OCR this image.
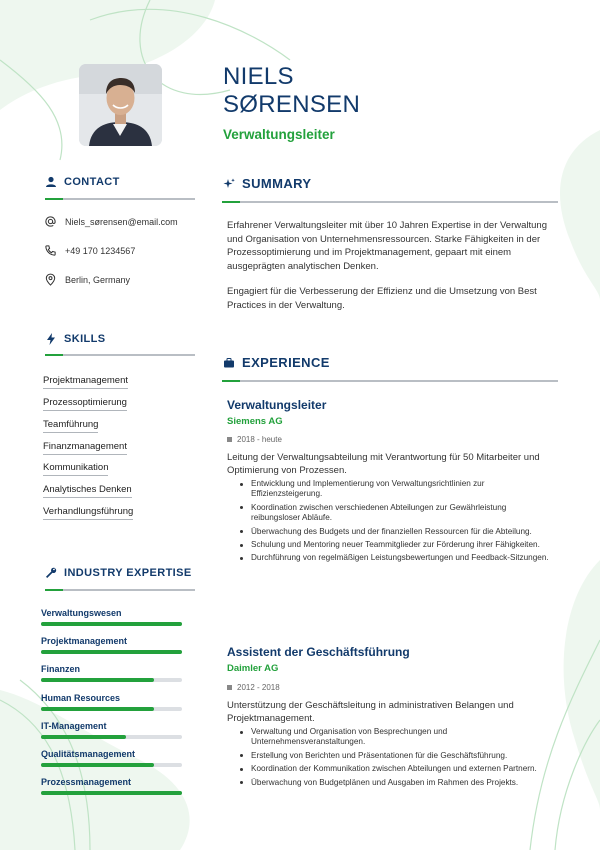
NIELS
SØRENSEN
Verwaltungsleiter
CONTACT
Niels_sørensen@email.com
+49 170 1234567
Berlin, Germany
SKILLS
Projektmanagement
Prozessoptimierung
Teamführung
Finanzmanagement
Kommunikation
Analytisches Denken
Verhandlungsführung
INDUSTRY EXPERTISE
Verwaltungswesen
Projektmanagement
Finanzen
Human Resources
IT-Management
Qualitätsmanagement
Prozessmanagement
SUMMARY
Erfahrener Verwaltungsleiter mit über 10 Jahren Expertise in der Verwaltung und Organisation von Unternehmensressourcen. Starke Fähigkeiten in der Prozessoptimierung und im Projektmanagement, gepaart mit einem ausgeprägten analytischen Denken.
Engagiert für die Verbesserung der Effizienz und die Umsetzung von Best Practices in der Verwaltung.
EXPERIENCE
Verwaltungsleiter
Siemens AG
2018 - heute
Leitung der Verwaltungsabteilung mit Verantwortung für 50 Mitarbeiter und Optimierung von Prozessen.
Entwicklung und Implementierung von Verwaltungsrichtlinien zur Effizienzsteigerung.
Koordination zwischen verschiedenen Abteilungen zur Gewährleistung reibungsloser Abläufe.
Überwachung des Budgets und der finanziellen Ressourcen für die Abteilung.
Schulung und Mentoring neuer Teammitglieder zur Förderung ihrer Fähigkeiten.
Durchführung von regelmäßigen Leistungsbewertungen und Feedback-Sitzungen.
Assistent der Geschäftsführung
Daimler AG
2012 - 2018
Unterstützung der Geschäftsleitung in administrativen Belangen und Projektmanagement.
Verwaltung und Organisation von Besprechungen und Unternehmensveranstaltungen.
Erstellung von Berichten und Präsentationen für die Geschäftsführung.
Koordination der Kommunikation zwischen Abteilungen und externen Partnern.
Überwachung von Budgetplänen und Ausgaben im Rahmen des Projekts.
